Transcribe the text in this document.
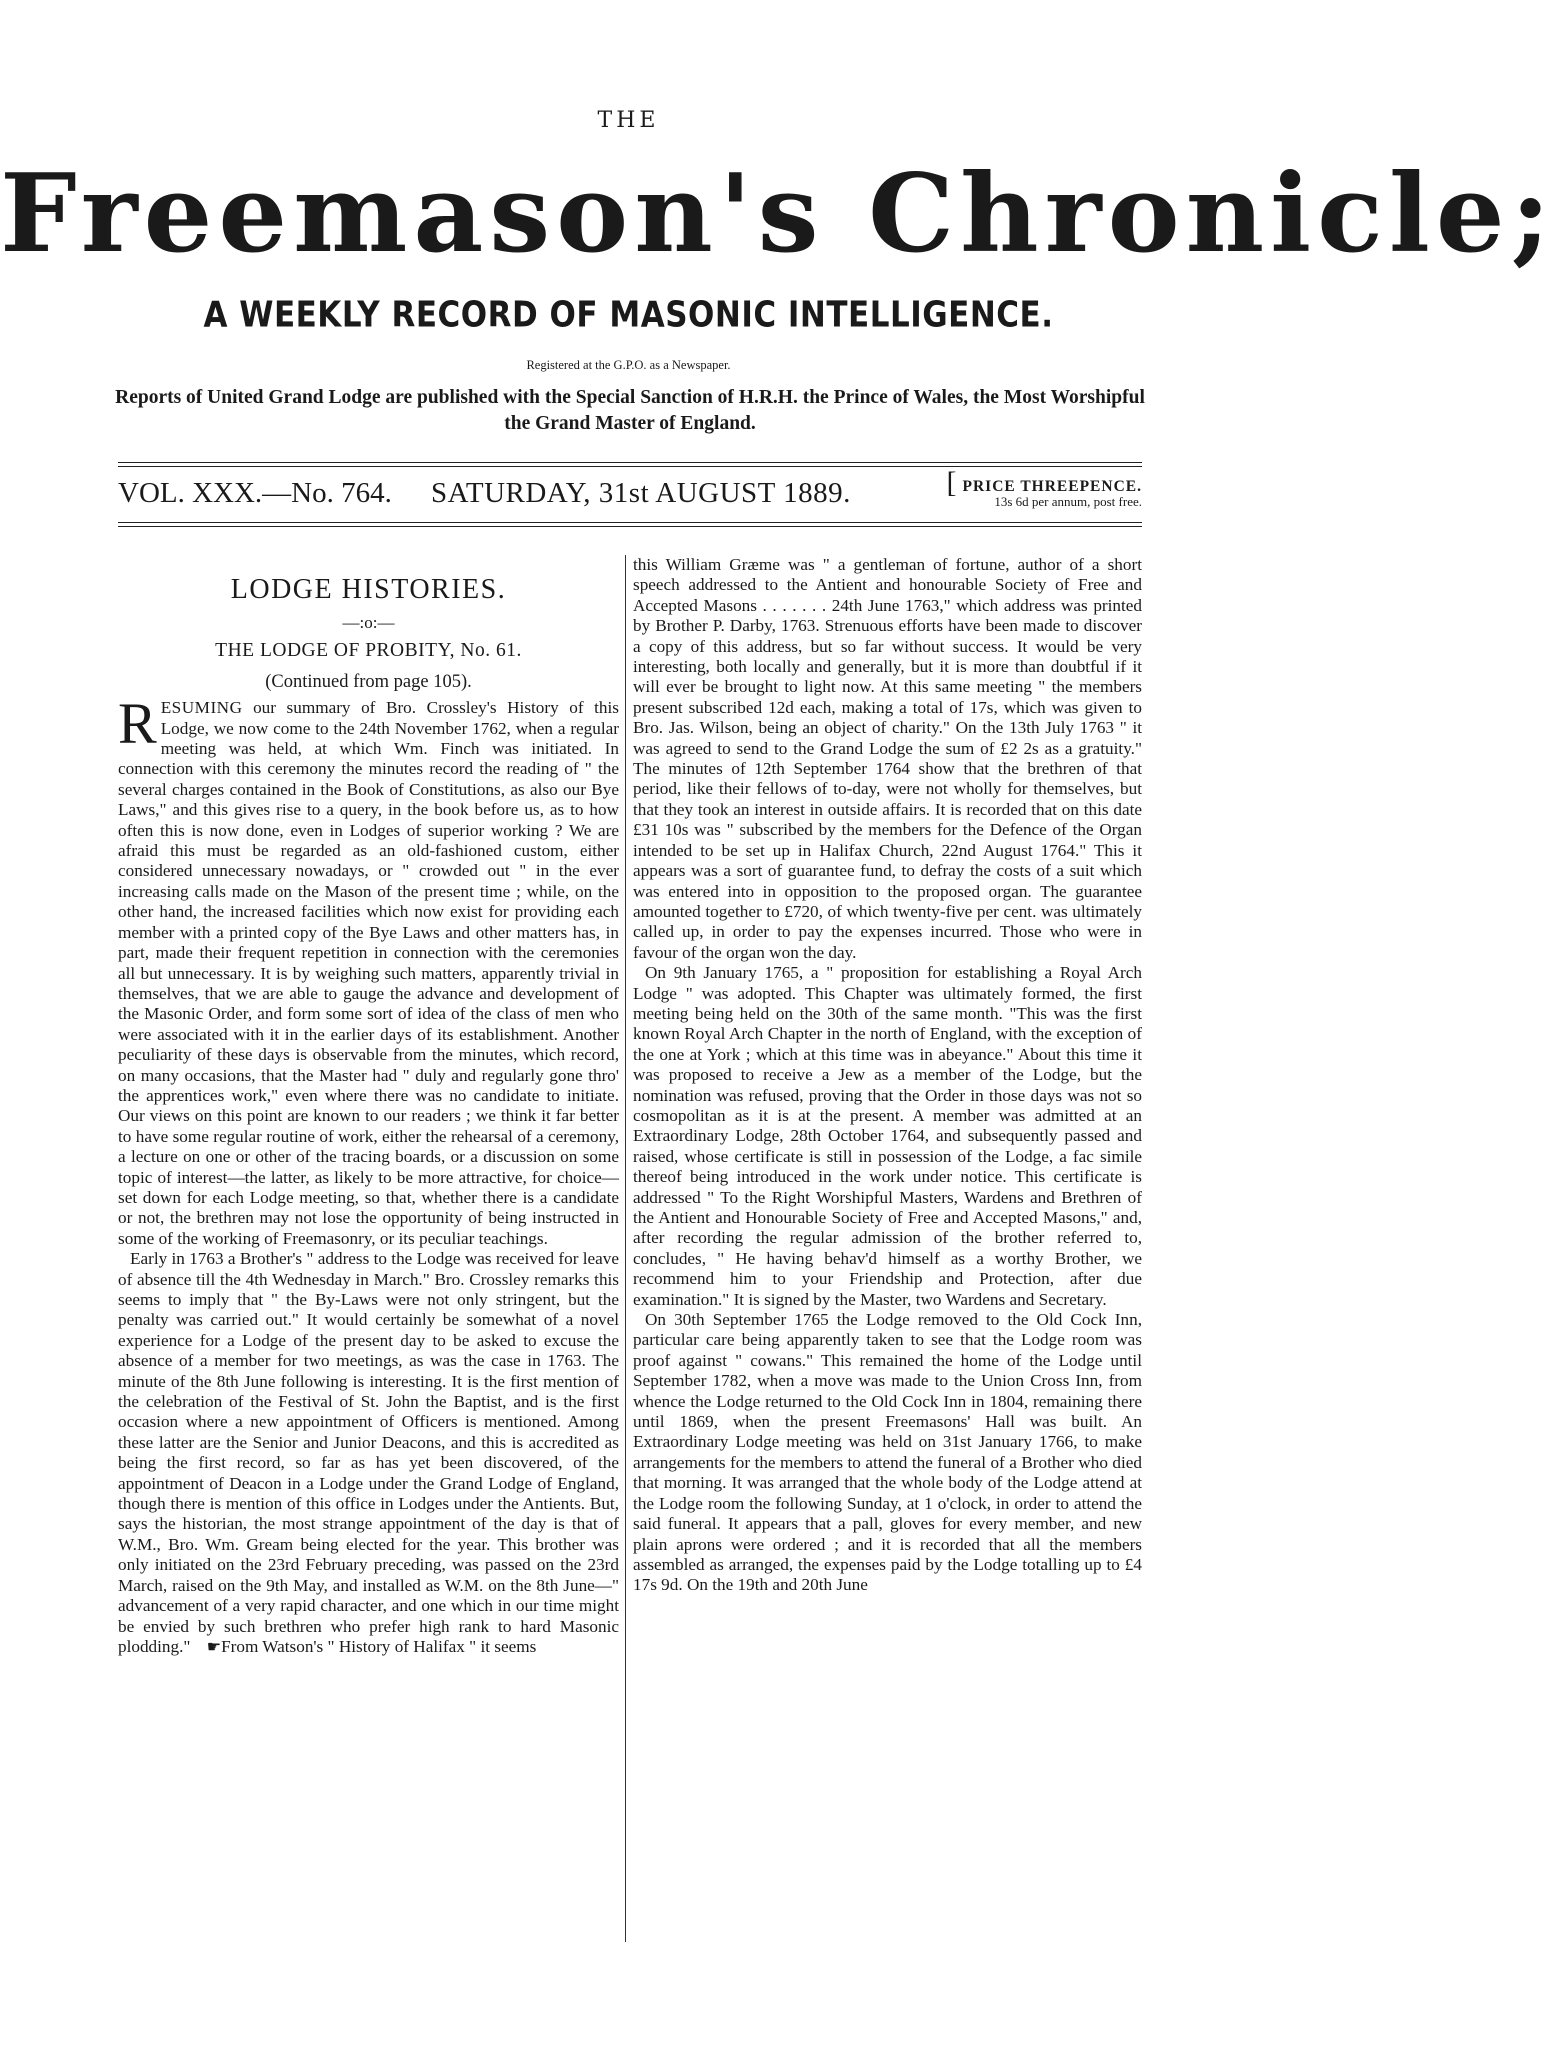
THE
Freemason's Chronicle;
A WEEKLY RECORD OF MASONIC INTELLIGENCE.
Registered at the G.P.O. as a Newspaper.
Reports of United Grand Lodge are published with the Special Sanction of H.R.H. the Prince of Wales, the Most Worshipful the Grand Master of England.
VOL. XXX.—No. 764. SATURDAY, 31st AUGUST 1889.	[ PRICE THREEPENCE.
13s 6d per annum, post free.
LODGE HISTORIES.
—:o:—
THE LODGE OF PROBITY, No. 61.
(Continued from page 105).

RESUMING our summary of Bro. Crossley's History of this Lodge, we now come to the 24th November 1762, when a regular meeting was held, at which Wm. Finch was initiated. In connection with this ceremony the minutes record the reading of " the several charges contained in the Book of Constitutions, as also our Bye Laws," and this gives rise to a query, in the book before us, as to how often this is now done, even in Lodges of superior working ? We are afraid this must be regarded as an old-fashioned custom, either considered unnecessary nowadays, or " crowded out " in the ever increasing calls made on the Mason of the present time ; while, on the other hand, the increased facilities which now exist for providing each member with a printed copy of the Bye Laws and other matters has, in part, made their frequent repetition in connection with the ceremonies all but unnecessary. It is by weighing such matters, apparently trivial in themselves, that we are able to gauge the advance and development of the Masonic Order, and form some sort of idea of the class of men who were associated with it in the earlier days of its establishment. Another peculiarity of these days is observable from the minutes, which record, on many occasions, that the Master had " duly and regularly gone thro' the apprentices work," even where there was no candidate to initiate. Our views on this point are known to our readers ; we think it far better to have some regular routine of work, either the rehearsal of a ceremony, a lecture on one or other of the tracing boards, or a discussion on some topic of interest—the latter, as likely to be more attractive, for choice—set down for each Lodge meeting, so that, whether there is a candidate or not, the brethren may not lose the opportunity of being instructed in some of the working of Freemasonry, or its peculiar teachings.

Early in 1763 a Brother's " address to the Lodge was received for leave of absence till the 4th Wednesday in March." Bro. Crossley remarks this seems to imply that " the By-Laws were not only stringent, but the penalty was carried out." It would certainly be somewhat of a novel experience for a Lodge of the present day to be asked to excuse the absence of a member for two meetings, as was the case in 1763. The minute of the 8th June following is interesting. It is the first mention of the celebration of the Festival of St. John the Baptist, and is the first occasion where a new appointment of Officers is mentioned. Among these latter are the Senior and Junior Deacons, and this is accredited as being the first record, so far as has yet been discovered, of the appointment of Deacon in a Lodge under the Grand Lodge of England, though there is mention of this office in Lodges under the Antients. But, says the historian, the most strange appointment of the day is that of W.M., Bro. Wm. Gream being elected for the year. This brother was only initiated on the 23rd February preceding, was passed on the 23rd March, raised on the 9th May, and installed as W.M. on the 8th June—" advancement of a very rapid character, and one which in our time might be envied by such brethren who prefer high rank to hard Masonic plodding." ☛From Watson's " History of Halifax " it seems

this William Græme was " a gentleman of fortune, author of a short speech addressed to the Antient and honourable Society of Free and Accepted Masons . . . . . . . 24th June 1763," which address was printed by Brother P. Darby, 1763. Strenuous efforts have been made to discover a copy of this address, but so far without success. It would be very interesting, both locally and generally, but it is more than doubtful if it will ever be brought to light now. At this same meeting " the members present subscribed 12d each, making a total of 17s, which was given to Bro. Jas. Wilson, being an object of charity." On the 13th July 1763 " it was agreed to send to the Grand Lodge the sum of £2 2s as a gratuity." The minutes of 12th September 1764 show that the brethren of that period, like their fellows of to-day, were not wholly for themselves, but that they took an interest in outside affairs. It is recorded that on this date £31 10s was " subscribed by the members for the Defence of the Organ intended to be set up in Halifax Church, 22nd August 1764." This it appears was a sort of guarantee fund, to defray the costs of a suit which was entered into in opposition to the proposed organ. The guarantee amounted together to £720, of which twenty-five per cent. was ultimately called up, in order to pay the expenses incurred. Those who were in favour of the organ won the day.

On 9th January 1765, a " proposition for establishing a Royal Arch Lodge " was adopted. This Chapter was ultimately formed, the first meeting being held on the 30th of the same month. "This was the first known Royal Arch Chapter in the north of England, with the exception of the one at York ; which at this time was in abeyance." About this time it was proposed to receive a Jew as a member of the Lodge, but the nomination was refused, proving that the Order in those days was not so cosmopolitan as it is at the present. A member was admitted at an Extraordinary Lodge, 28th October 1764, and subsequently passed and raised, whose certificate is still in possession of the Lodge, a fac simile thereof being introduced in the work under notice. This certificate is addressed " To the Right Worshipful Masters, Wardens and Brethren of the Antient and Honourable Society of Free and Accepted Masons," and, after recording the regular admission of the brother referred to, concludes, " He having behav'd himself as a worthy Brother, we recommend him to your Friendship and Protection, after due examination." It is signed by the Master, two Wardens and Secretary.

On 30th September 1765 the Lodge removed to the Old Cock Inn, particular care being apparently taken to see that the Lodge room was proof against " cowans." This remained the home of the Lodge until September 1782, when a move was made to the Union Cross Inn, from whence the Lodge returned to the Old Cock Inn in 1804, remaining there until 1869, when the present Freemasons' Hall was built. An Extraordinary Lodge meeting was held on 31st January 1766, to make arrangements for the members to attend the funeral of a Brother who died that morning. It was arranged that the whole body of the Lodge attend at the Lodge room the following Sunday, at 1 o'clock, in order to attend the said funeral. It appears that a pall, gloves for every member, and new plain aprons were ordered ; and it is recorded that all the members assembled as arranged, the expenses paid by the Lodge totalling up to £4 17s 9d. On the 19th and 20th June
